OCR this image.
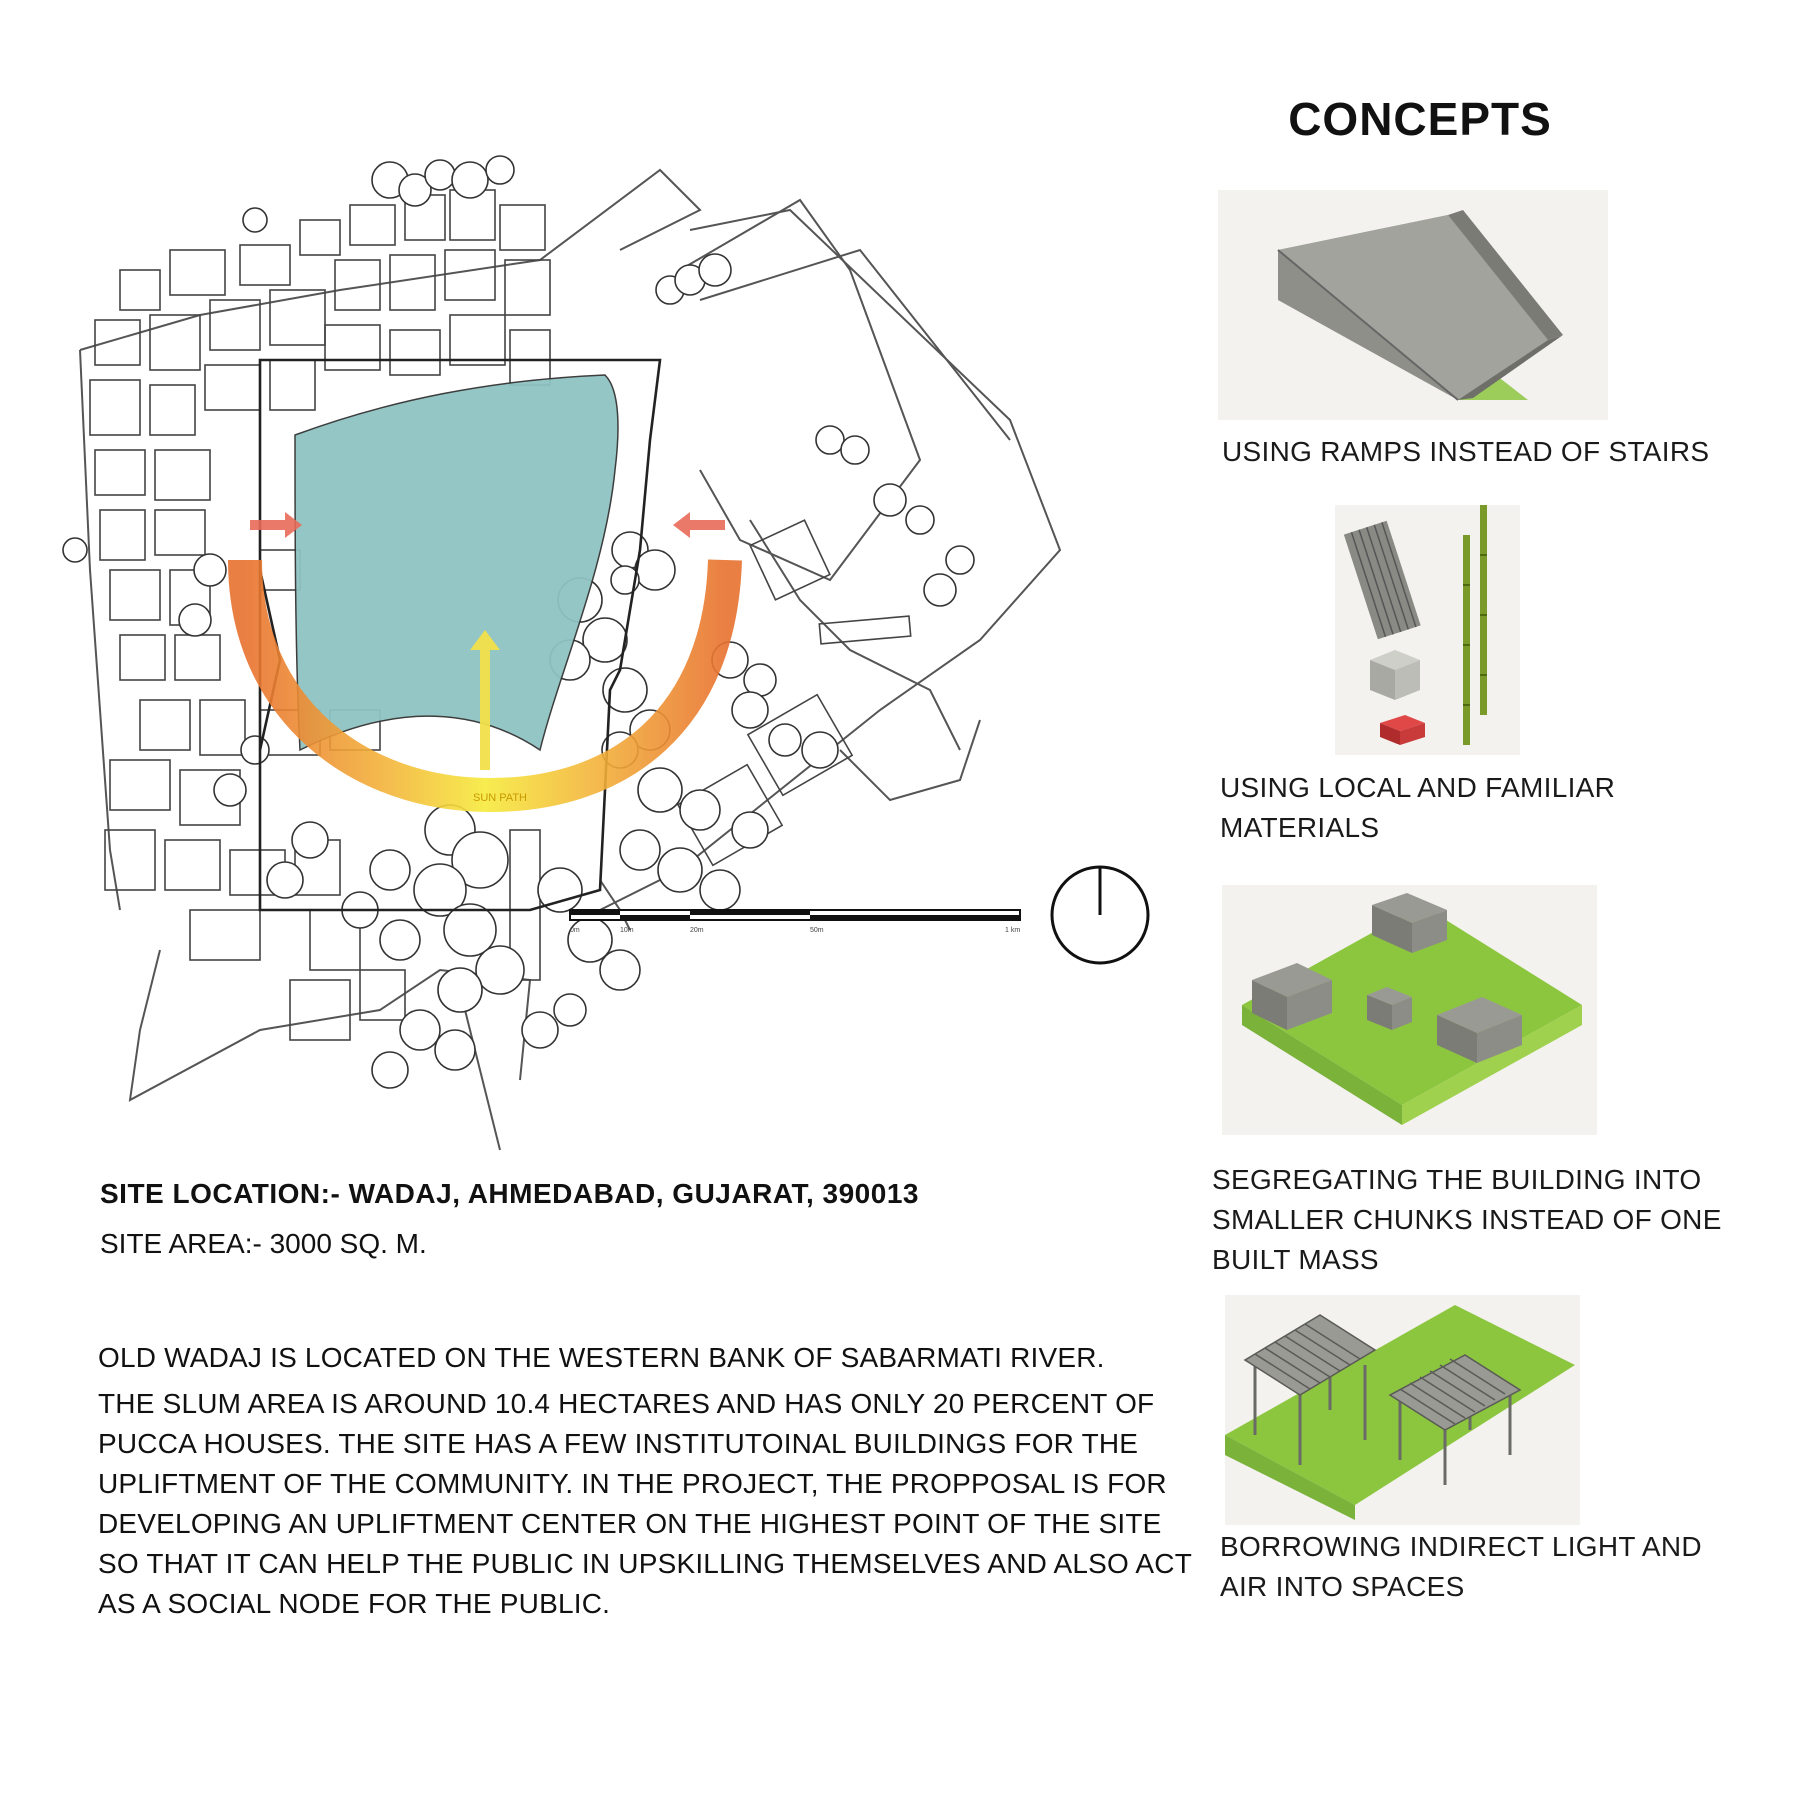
SUN PATH
0m	10m	20m	50m	1 km
CONCEPTS
USING RAMPS INSTEAD OF STAIRS
USING LOCAL AND FAMILIAR
MATERIALS
SEGREGATING THE BUILDING INTO
SMALLER CHUNKS INSTEAD OF ONE
BUILT MASS
BORROWING INDIRECT LIGHT AND
AIR INTO SPACES
SITE LOCATION:- WADAJ, AHMEDABAD, GUJARAT, 390013
SITE AREA:- 3000 SQ. M.
OLD WADAJ IS LOCATED ON THE WESTERN BANK OF SABARMATI RIVER.
THE SLUM AREA IS AROUND 10.4 HECTARES AND HAS ONLY 20 PERCENT OF PUCCA HOUSES. THE SITE HAS A FEW INSTITUTOINAL BUILDINGS FOR THE UPLIFTMENT OF THE COMMUNITY. IN THE PROJECT, THE PROPPOSAL IS FOR DEVELOPING AN UPLIFTMENT CENTER ON THE HIGHEST POINT OF THE SITE SO THAT IT CAN HELP THE PUBLIC IN UPSKILLING THEMSELVES AND ALSO ACT AS A SOCIAL NODE FOR THE PUBLIC.
